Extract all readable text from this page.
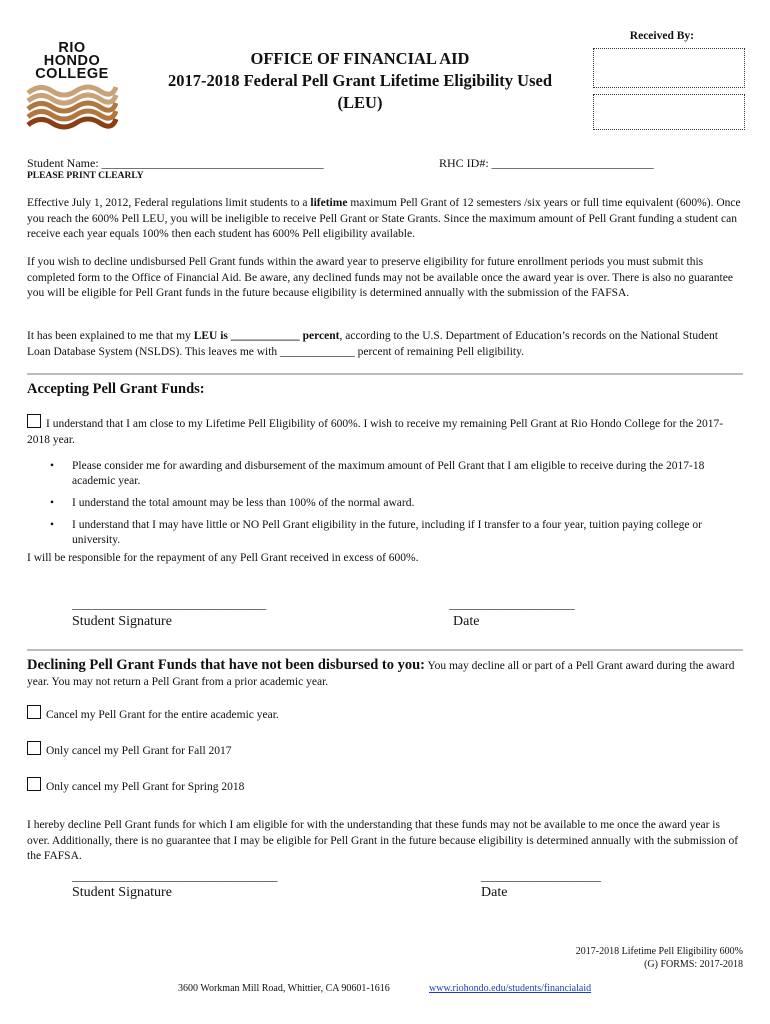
Received By:
RIO
HONDO
COLLEGE
OFFICE OF FINANCIAL AID
2017-2018 Federal Pell Grant Lifetime Eligibility Used
(LEU)
Student Name: _____________________________________	RHC ID#: ___________________________
PLEASE PRINT CLEARLY

Effective July 1, 2012, Federal regulations limit students to a lifetime maximum Pell Grant of 12 semesters /six years or full time equivalent (600%). Once you reach the 600% Pell LEU, you will be ineligible to receive Pell Grant or State Grants. Since the maximum amount of Pell Grant funding a student can receive each year equals 100% then each student has 600% Pell eligibility available.

If you wish to decline undisbursed Pell Grant funds within the award year to preserve eligibility for future enrollment periods you must submit this completed form to the Office of Financial Aid. Be aware, any declined funds may not be available once the award year is over. There is also no guarantee you will be eligible for Pell Grant funds in the future because eligibility is determined annually with the submission of the FAFSA.

It has been explained to me that my LEU is ____________ percent, according to the U.S. Department of Education’s records on the National Student Loan Database System (NSLDS). This leaves me with _____________ percent of remaining Pell eligibility.

Accepting Pell Grant Funds:

I understand that I am close to my Lifetime Pell Eligibility of 600%. I wish to receive my remaining Pell Grant at Rio Hondo College for the 2017-2018 year.

• Please consider me for awarding and disbursement of the maximum amount of Pell Grant that I am eligible to receive during the 2017-18 academic year.
• I understand the total amount may be less than 100% of the normal award.
• I understand that I may have little or NO Pell Grant eligibility in the future, including if I transfer to a four year, tuition paying college or university.

I will be responsible for the repayment of any Pell Grant received in excess of 600%.

__________________________________	______________________
Student Signature	Date

Declining Pell Grant Funds that have not been disbursed to you: You may decline all or part of a Pell Grant award during the award year. You may not return a Pell Grant from a prior academic year.

Cancel my Pell Grant for the entire academic year.

Only cancel my Pell Grant for Fall 2017

Only cancel my Pell Grant for Spring 2018

I hereby decline Pell Grant funds for which I am eligible for with the understanding that these funds may not be available to me once the award year is over. Additionally, there is no guarantee that I may be eligible for Pell Grant in the future because eligibility is determined annually with the submission of the FAFSA.

____________________________________	_____________________
Student Signature	Date
2017-2018 Lifetime Pell Eligibility 600%
(G) FORMS: 2017-2018
3600 Workman Mill Road, Whittier, CA 90601-1616	www.riohondo.edu/students/financialaid
